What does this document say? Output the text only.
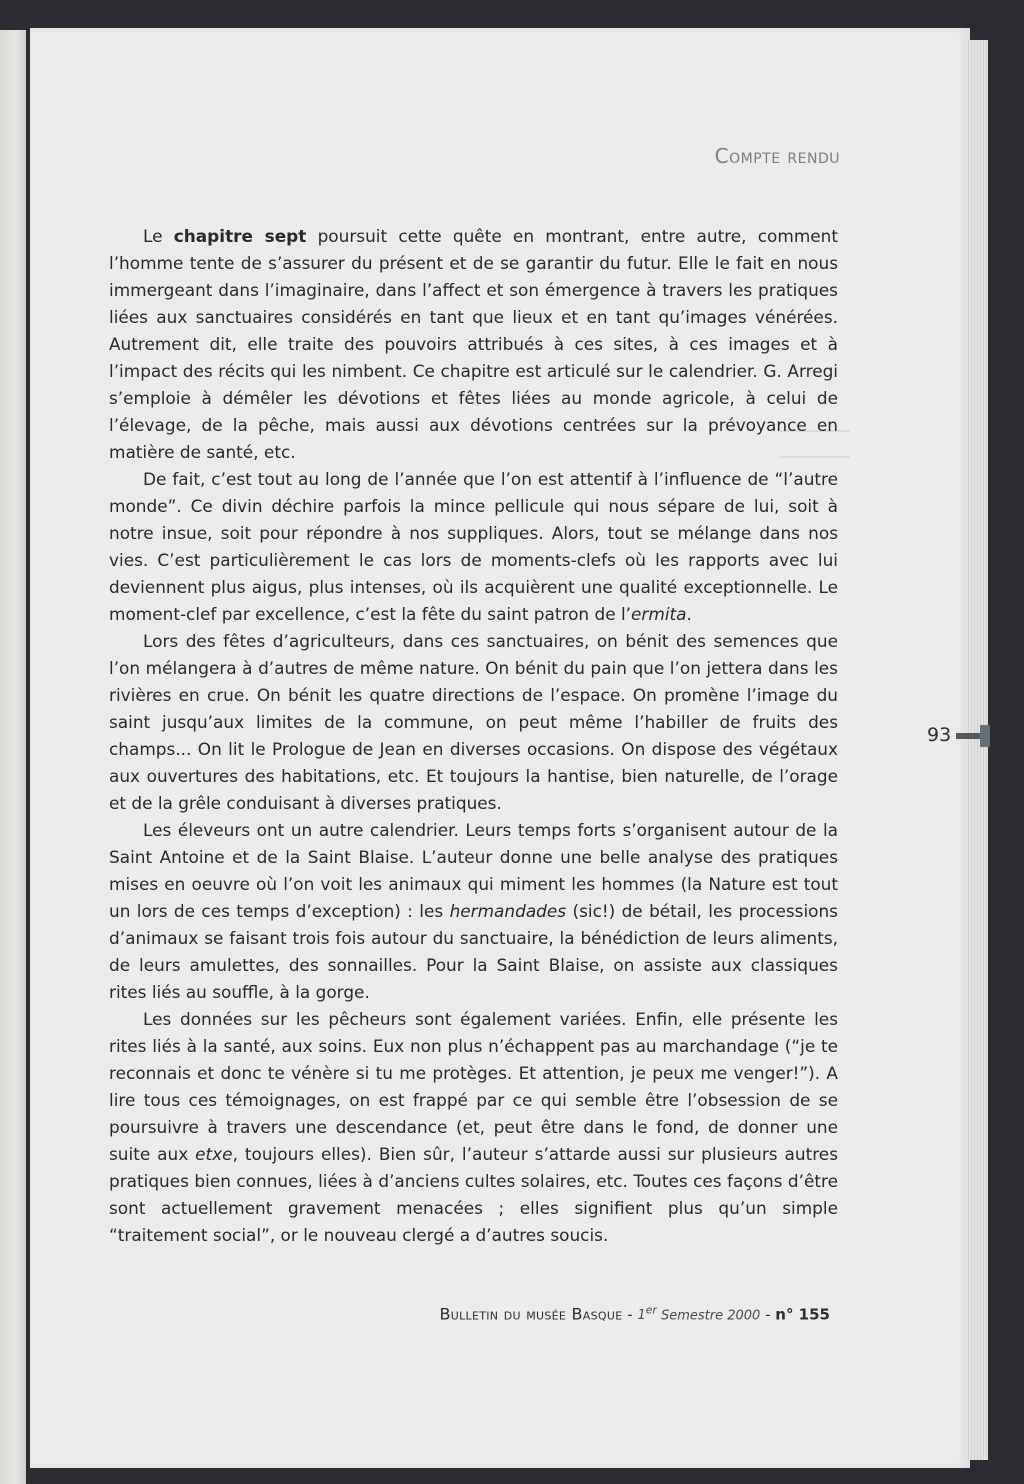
Compte rendu

Le chapitre sept poursuit cette quête en montrant, entre autre, comment l’homme tente de s’assurer du présent et de se garantir du futur. Elle le fait en nous immergeant dans l’imaginaire, dans l’affect et son émergence à travers les pratiques liées aux sanctuaires considérés en tant que lieux et en tant qu’images vénérées. Autrement dit, elle traite des pouvoirs attribués à ces sites, à ces images et à l’impact des récits qui les nimbent. Ce chapitre est articulé sur le calendrier. G. Arregi s’emploie à démêler les dévotions et fêtes liées au monde agricole, à celui de l’élevage, de la pêche, mais aussi aux dévotions centrées sur la prévoyance en matière de santé, etc.

De fait, c’est tout au long de l’année que l’on est attentif à l’influence de “l’autre monde”. Ce divin déchire parfois la mince pellicule qui nous sépare de lui, soit à notre insue, soit pour répondre à nos suppliques. Alors, tout se mélange dans nos vies. C’est particulièrement le cas lors de moments-clefs où les rapports avec lui deviennent plus aigus, plus intenses, où ils acquièrent une qualité exceptionnelle. Le moment-clef par excellence, c’est la fête du saint patron de l’ermita.

Lors des fêtes d’agriculteurs, dans ces sanctuaires, on bénit des semences que l’on mélangera à d’autres de même nature. On bénit du pain que l’on jettera dans les rivières en crue. On bénit les quatre directions de l’espace. On promène l’image du saint jusqu’aux limites de la commune, on peut même l’habiller de fruits des champs... On lit le Prologue de Jean en diverses occasions. On dispose des végétaux aux ouvertures des habitations, etc. Et toujours la hantise, bien naturelle, de l’orage et de la grêle conduisant à diverses pratiques.

Les éleveurs ont un autre calendrier. Leurs temps forts s’organisent autour de la Saint Antoine et de la Saint Blaise. L’auteur donne une belle analyse des pratiques mises en oeuvre où l’on voit les animaux qui miment les hommes (la Nature est tout un lors de ces temps d’exception) : les hermandades (sic!) de bétail, les processions d’animaux se faisant trois fois autour du sanctuaire, la bénédiction de leurs aliments, de leurs amulettes, des sonnailles. Pour la Saint Blaise, on assiste aux classiques rites liés au souffle, à la gorge.

Les données sur les pêcheurs sont également variées. Enfin, elle présente les rites liés à la santé, aux soins. Eux non plus n’échappent pas au marchandage (“je te reconnais et donc te vénère si tu me protèges. Et attention, je peux me venger!”). A lire tous ces témoignages, on est frappé par ce qui semble être l’obsession de se poursuivre à travers une descendance (et, peut être dans le fond, de donner une suite aux etxe, toujours elles). Bien sûr, l’auteur s’attarde aussi sur plusieurs autres pratiques bien connues, liées à d’anciens cultes solaires, etc. Toutes ces façons d’être sont actuellement gravement menacées ; elles signifient plus qu’un simple “traitement social”, or le nouveau clergé a d’autres soucis.

93
Bulletin du musée Basque - 1er Semestre 2000 - n° 155
